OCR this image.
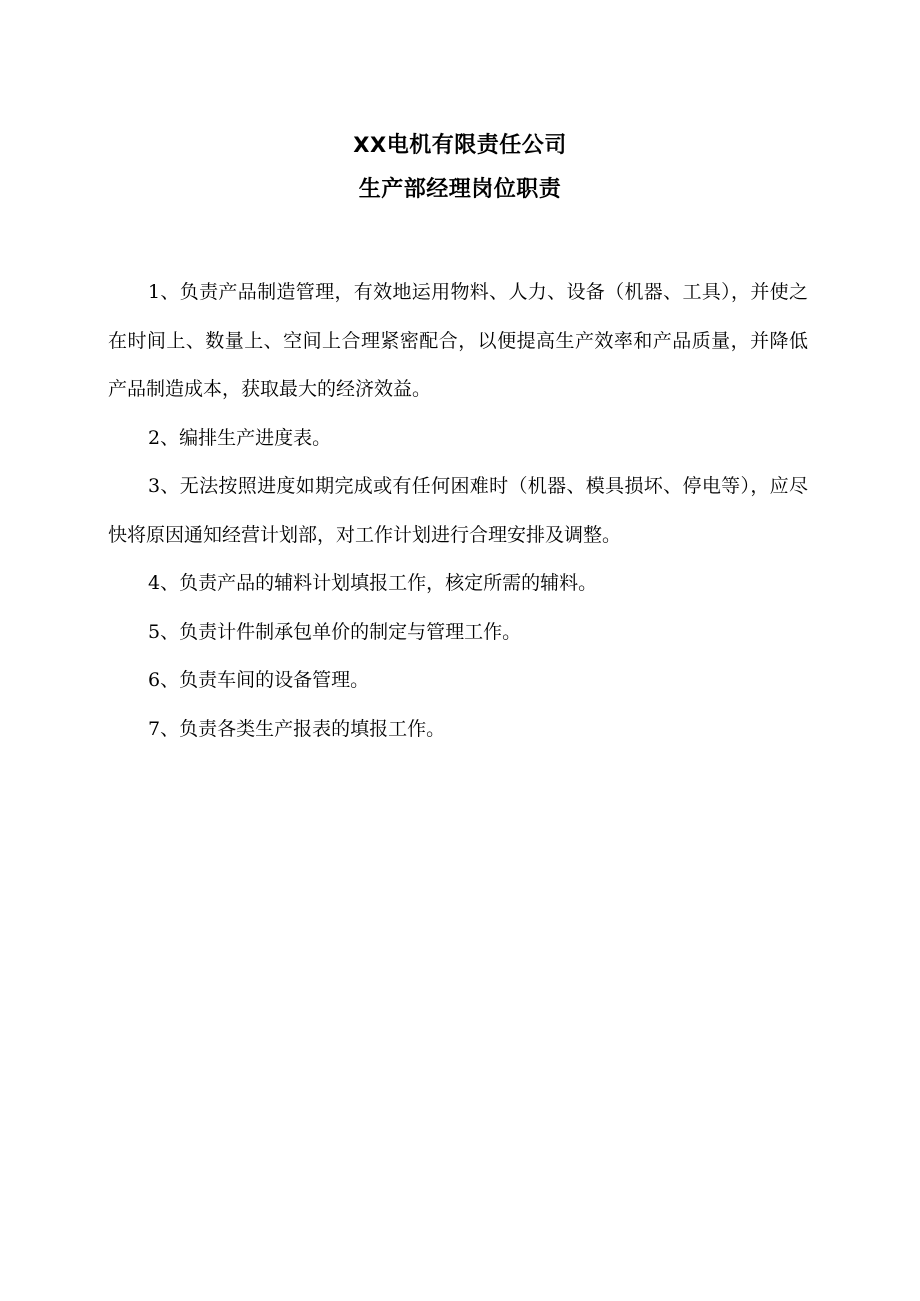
XX电机有限责任公司
生产部经理岗位职责

1、负责产品制造管理，有效地运用物料、人力、设备（机器、工具），并使之在时间上、数量上、空间上合理紧密配合，以便提高生产效率和产品质量，并降低产品制造成本，获取最大的经济效益。

2、编排生产进度表。

3、无法按照进度如期完成或有任何困难时（机器、模具损坏、停电等），应尽快将原因通知经营计划部，对工作计划进行合理安排及调整。

4、负责产品的辅料计划填报工作，核定所需的辅料。

5、负责计件制承包单价的制定与管理工作。

6、负责车间的设备管理。

7、负责各类生产报表的填报工作。
